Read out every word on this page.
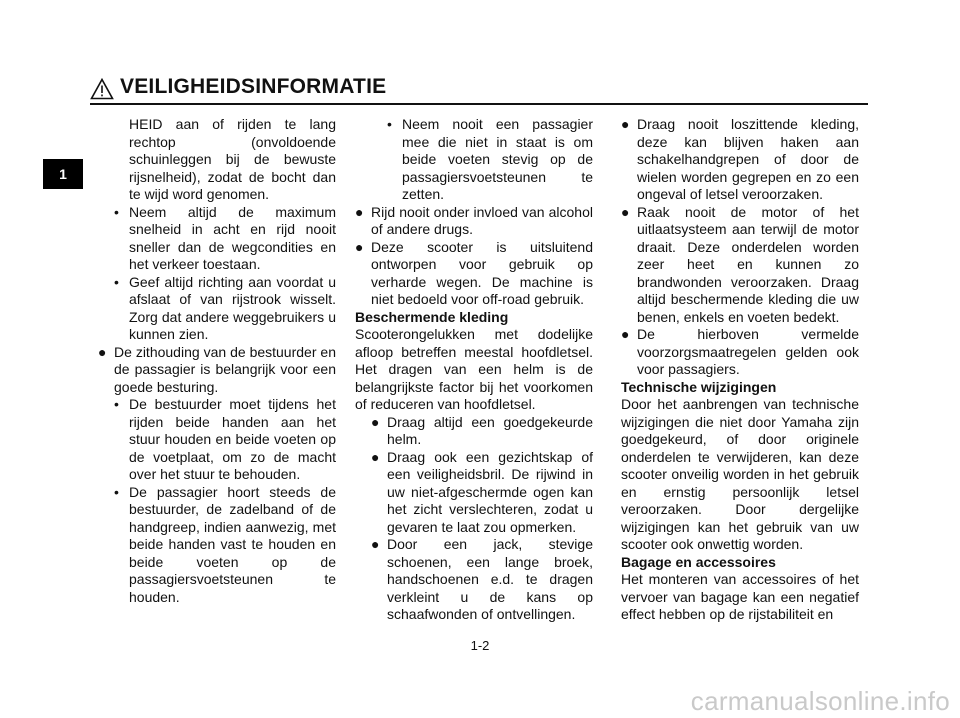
VEILIGHEIDSINFORMATIE
1

HEID aan of rijden te lang rechtop (onvoldoende schuinleggen bij de bewuste rijsnelheid), zodat de bocht dan te wijd word genomen.

• Neem altijd de maximum snelheid in acht en rijd nooit sneller dan de wegcondities en het verkeer toestaan.

• Geef altijd richting aan voordat u afslaat of van rijstrook wisselt. Zorg dat andere weggebruikers u kunnen zien.

● De zithouding van de bestuurder en de passagier is belangrijk voor een goede besturing.

• De bestuurder moet tijdens het rijden beide handen aan het stuur houden en beide voeten op de voetplaat, om zo de macht over het stuur te behouden.

• De passagier hoort steeds de bestuurder, de zadelband of de handgreep, indien aanwezig, met beide handen vast te houden en beide voeten op de passagiersvoetsteunen te houden.

• Neem nooit een passagier mee die niet in staat is om beide voeten stevig op de passagiersvoetsteunen te zetten.

● Rijd nooit onder invloed van alcohol of andere drugs.

● Deze scooter is uitsluitend ontworpen voor gebruik op verharde wegen. De machine is niet bedoeld voor off-road gebruik.

Beschermende kleding

Scooterongelukken met dodelijke afloop betreffen meestal hoofdletsel. Het dragen van een helm is de belangrijkste factor bij het voorkomen of reduceren van hoofdletsel.

● Draag altijd een goedgekeurde helm.

● Draag ook een gezichtskap of een veiligheidsbril. De rijwind in uw niet-afgeschermde ogen kan het zicht verslechteren, zodat u gevaren te laat zou opmerken.

● Door een jack, stevige schoenen, een lange broek, handschoenen e.d. te dragen verkleint u de kans op schaafwonden of ontvellingen.

● Draag nooit loszittende kleding, deze kan blijven haken aan schakelhandgrepen of door de wielen worden gegrepen en zo een ongeval of letsel veroorzaken.

● Raak nooit de motor of het uitlaatsysteem aan terwijl de motor draait. Deze onderdelen worden zeer heet en kunnen zo brandwonden veroorzaken. Draag altijd beschermende kleding die uw benen, enkels en voeten bedekt.

● De hierboven vermelde voorzorgsmaatregelen gelden ook voor passagiers.

Technische wijzigingen

Door het aanbrengen van technische wijzigingen die niet door Yamaha zijn goedgekeurd, of door originele onderdelen te verwijderen, kan deze scooter onveilig worden in het gebruik en ernstig persoonlijk letsel veroorzaken. Door dergelijke wijzigingen kan het gebruik van uw scooter ook onwettig worden.

Bagage en accessoires

Het monteren van accessoires of het vervoer van bagage kan een negatief effect hebben op de rijstabiliteit en

1-2
carmanualsonline.info
